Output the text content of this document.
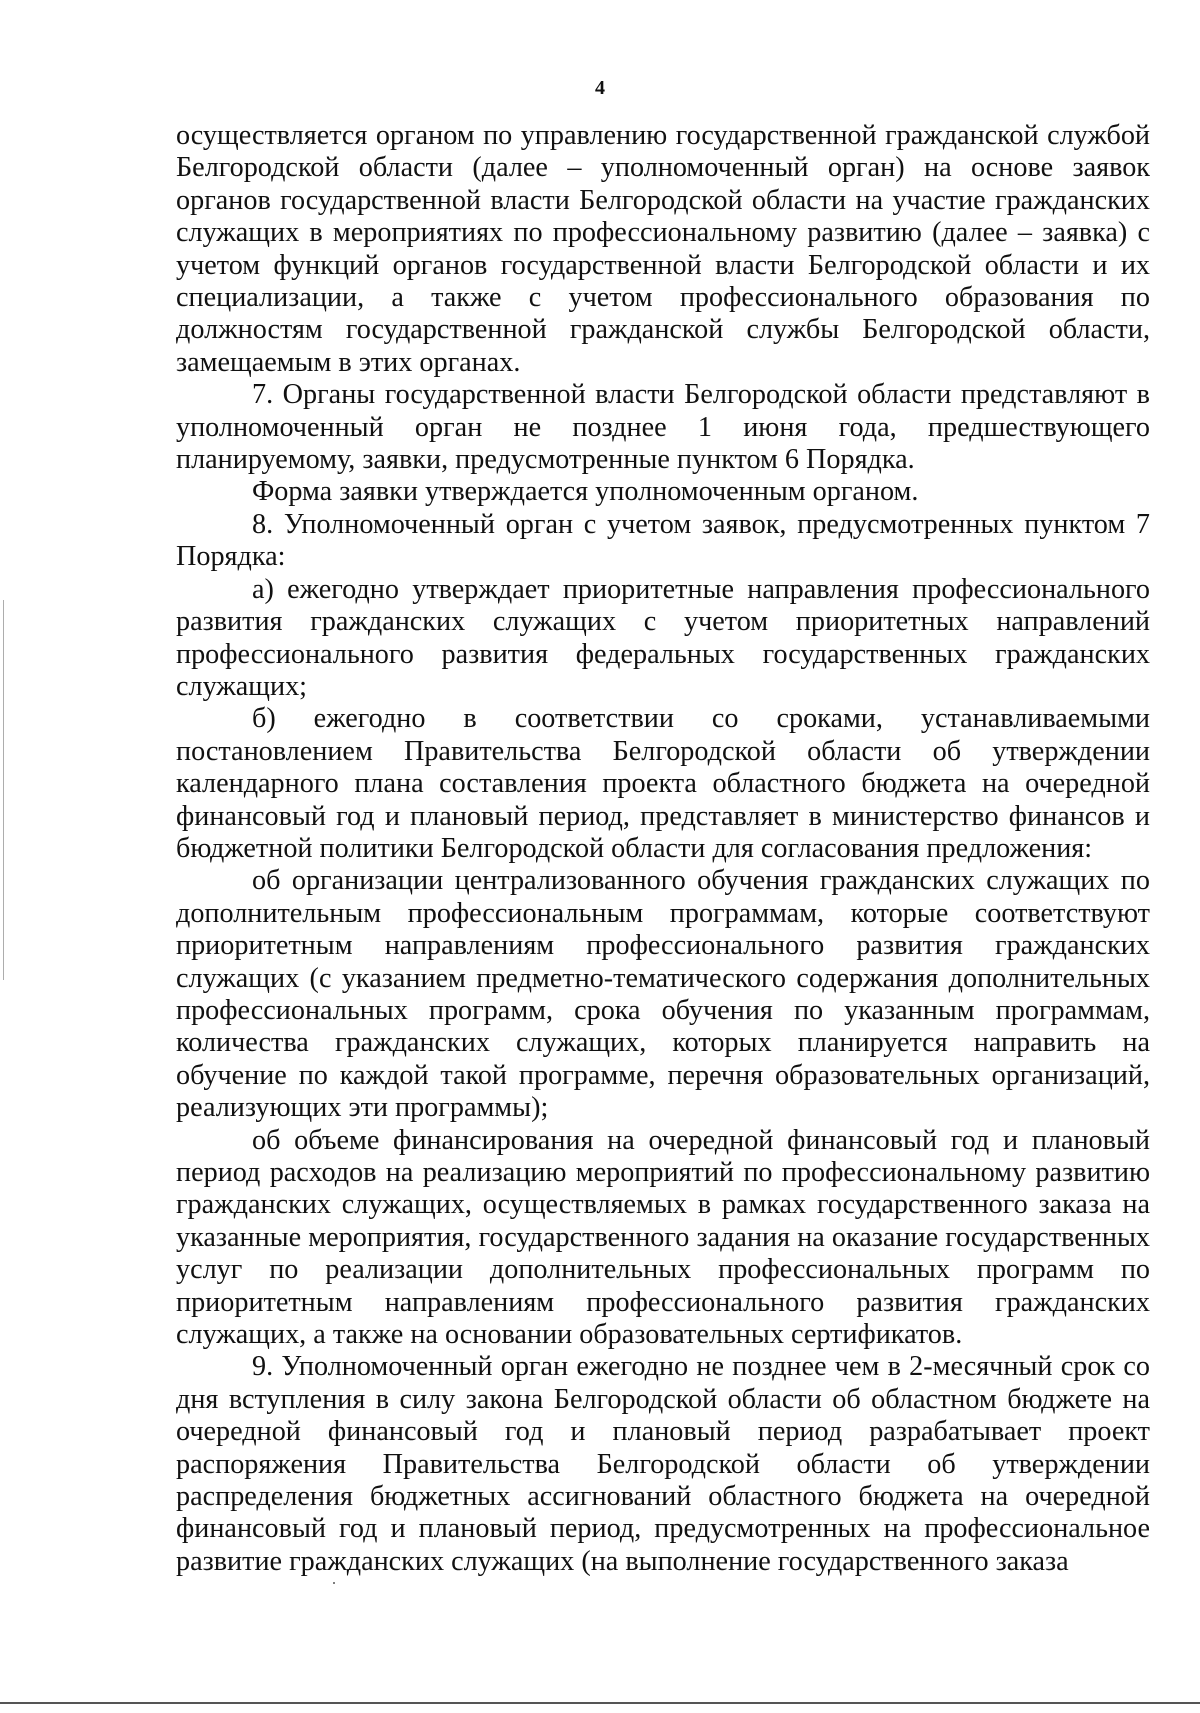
4

осуществляется органом по управлению государственной гражданской службой Белгородской области (далее – уполномоченный орган) на основе заявок органов государственной власти Белгородской области на участие гражданских служащих в мероприятиях по профессиональному развитию (далее – заявка) с учетом функций органов государственной власти Белгородской области и их специализации, а также с учетом профессионального образования по должностям государственной гражданской службы Белгородской области, замещаемым в этих органах.

7. Органы государственной власти Белгородской области представляют в уполномоченный орган не позднее 1 июня года, предшествующего планируемому, заявки, предусмотренные пунктом 6 Порядка.

Форма заявки утверждается уполномоченным органом.

8. Уполномоченный орган с учетом заявок, предусмотренных пунктом 7 Порядка:

а) ежегодно утверждает приоритетные направления профессионального развития гражданских служащих с учетом приоритетных направлений профессионального развития федеральных государственных гражданских служащих;

б) ежегодно в соответствии со сроками, устанавливаемыми постановлением Правительства Белгородской области об утверждении календарного плана составления проекта областного бюджета на очередной финансовый год и плановый период, представляет в министерство финансов и бюджетной политики Белгородской области для согласования предложения:

об организации централизованного обучения гражданских служащих по дополнительным профессиональным программам, которые соответствуют приоритетным направлениям профессионального развития гражданских служащих (с указанием предметно-тематического содержания дополнительных профессиональных программ, срока обучения по указанным программам, количества гражданских служащих, которых планируется направить на обучение по каждой такой программе, перечня образовательных организаций, реализующих эти программы);

об объеме финансирования на очередной финансовый год и плановый период расходов на реализацию мероприятий по профессиональному развитию гражданских служащих, осуществляемых в рамках государственного заказа на указанные мероприятия, государственного задания на оказание государственных услуг по реализации дополнительных профессиональных программ по приоритетным направлениям профессионального развития гражданских служащих, а также на основании образовательных сертификатов.

9. Уполномоченный орган ежегодно не позднее чем в 2-месячный срок со дня вступления в силу закона Белгородской области об областном бюджете на очередной финансовый год и плановый период разрабатывает проект распоряжения Правительства Белгородской области об утверждении распределения бюджетных ассигнований областного бюджета на очередной финансовый год и плановый период, предусмотренных на профессиональное развитие гражданских служащих (на выполнение государственного заказа
